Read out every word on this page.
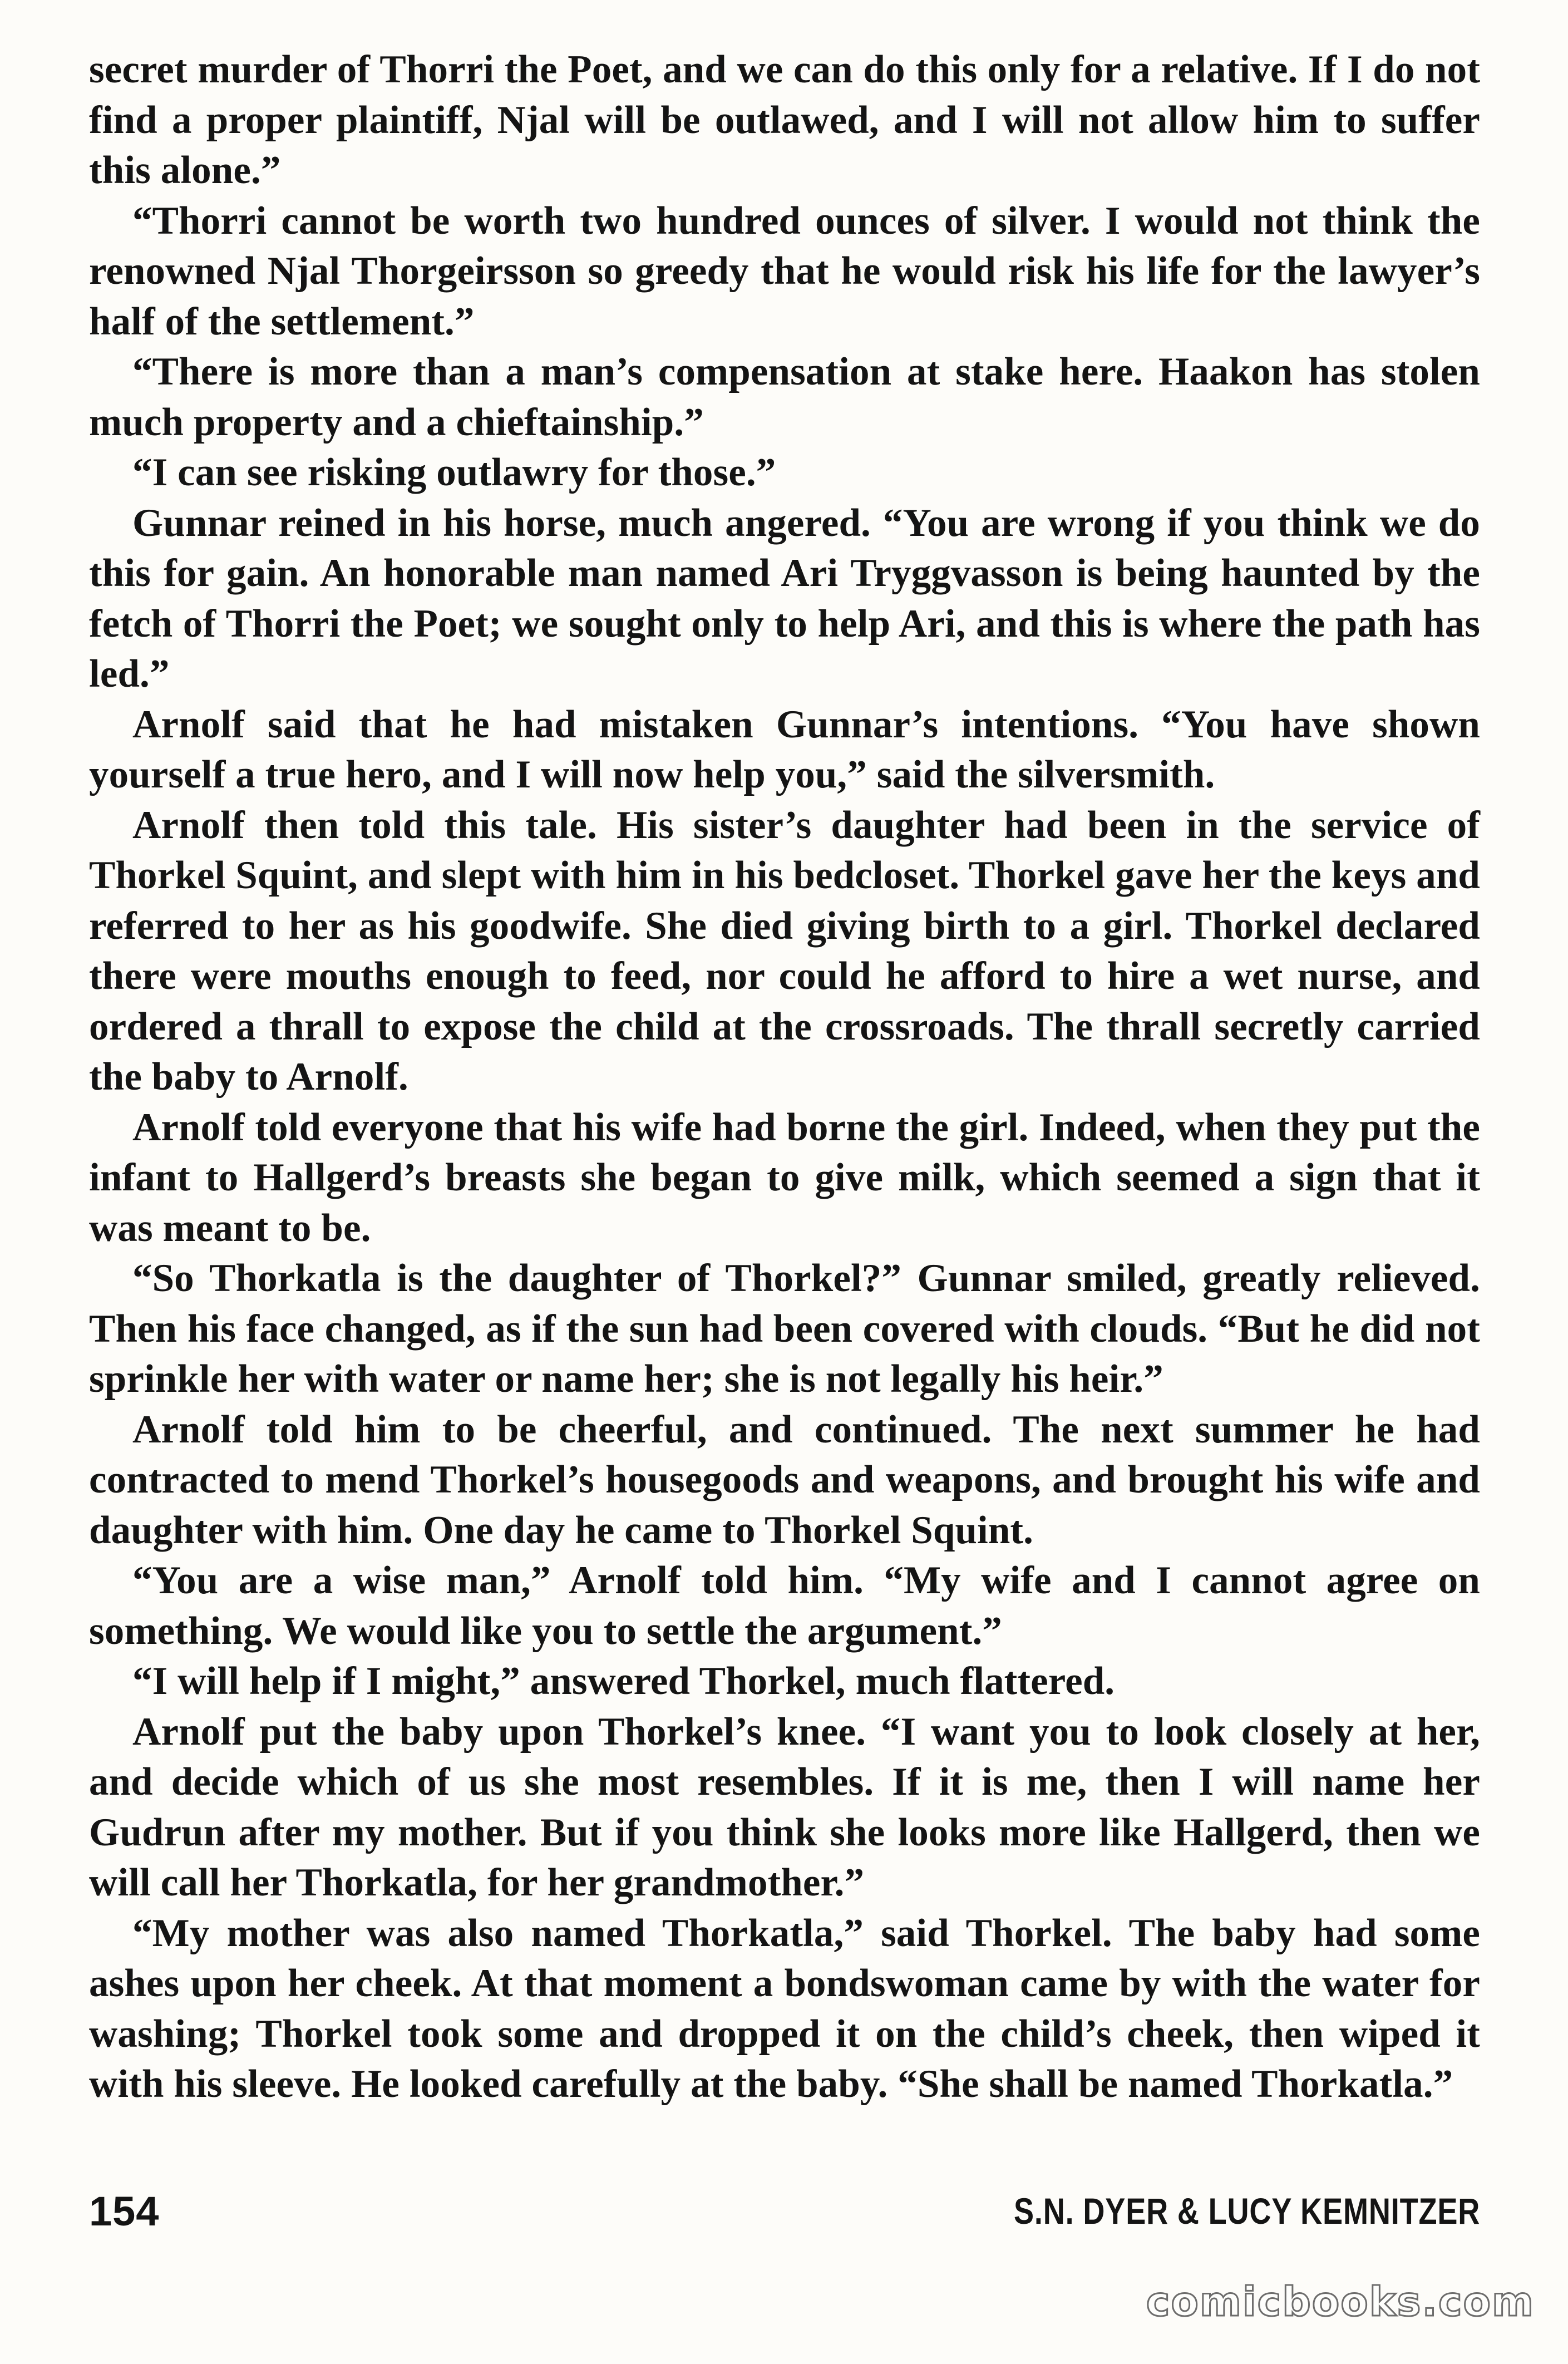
secret murder of Thorri the Poet, and we can do this only for a relative. If I do not find a proper plaintiff, Njal will be outlawed, and I will not allow him to suffer this alone.”

“Thorri cannot be worth two hundred ounces of silver. I would not think the renowned Njal Thorgeirsson so greedy that he would risk his life for the lawyer’s half of the settlement.”

“There is more than a man’s compensation at stake here. Haakon has stolen much property and a chieftainship.”

“I can see risking outlawry for those.”

Gunnar reined in his horse, much angered. “You are wrong if you think we do this for gain. An honorable man named Ari Tryggvasson is being haunted by the fetch of Thorri the Poet; we sought only to help Ari, and this is where the path has led.”

Arnolf said that he had mistaken Gunnar’s intentions. “You have shown yourself a true hero, and I will now help you,” said the silversmith.

Arnolf then told this tale. His sister’s daughter had been in the service of Thorkel Squint, and slept with him in his bedcloset. Thorkel gave her the keys and referred to her as his goodwife. She died giving birth to a girl. Thorkel declared there were mouths enough to feed, nor could he afford to hire a wet nurse, and ordered a thrall to expose the child at the crossroads. The thrall secretly carried the baby to Arnolf.

Arnolf told everyone that his wife had borne the girl. Indeed, when they put the infant to Hallgerd’s breasts she began to give milk, which seemed a sign that it was meant to be.

“So Thorkatla is the daughter of Thorkel?” Gunnar smiled, greatly relieved. Then his face changed, as if the sun had been covered with clouds. “But he did not sprinkle her with water or name her; she is not legally his heir.”

Arnolf told him to be cheerful, and continued. The next summer he had contracted to mend Thorkel’s housegoods and weapons, and brought his wife and daughter with him. One day he came to Thorkel Squint.

“You are a wise man,” Arnolf told him. “My wife and I cannot agree on something. We would like you to settle the argument.”

“I will help if I might,” answered Thorkel, much flattered.

Arnolf put the baby upon Thorkel’s knee. “I want you to look closely at her, and decide which of us she most resembles. If it is me, then I will name her Gudrun after my mother. But if you think she looks more like Hallgerd, then we will call her Thorkatla, for her grandmother.”

“My mother was also named Thorkatla,” said Thorkel. The baby had some ashes upon her cheek. At that moment a bondswoman came by with the water for washing; Thorkel took some and dropped it on the child’s cheek, then wiped it with his sleeve. He looked carefully at the baby. “She shall be named Thorkatla.”

154	S.N. DYER & LUCY KEMNITZER
comicbooks.com
